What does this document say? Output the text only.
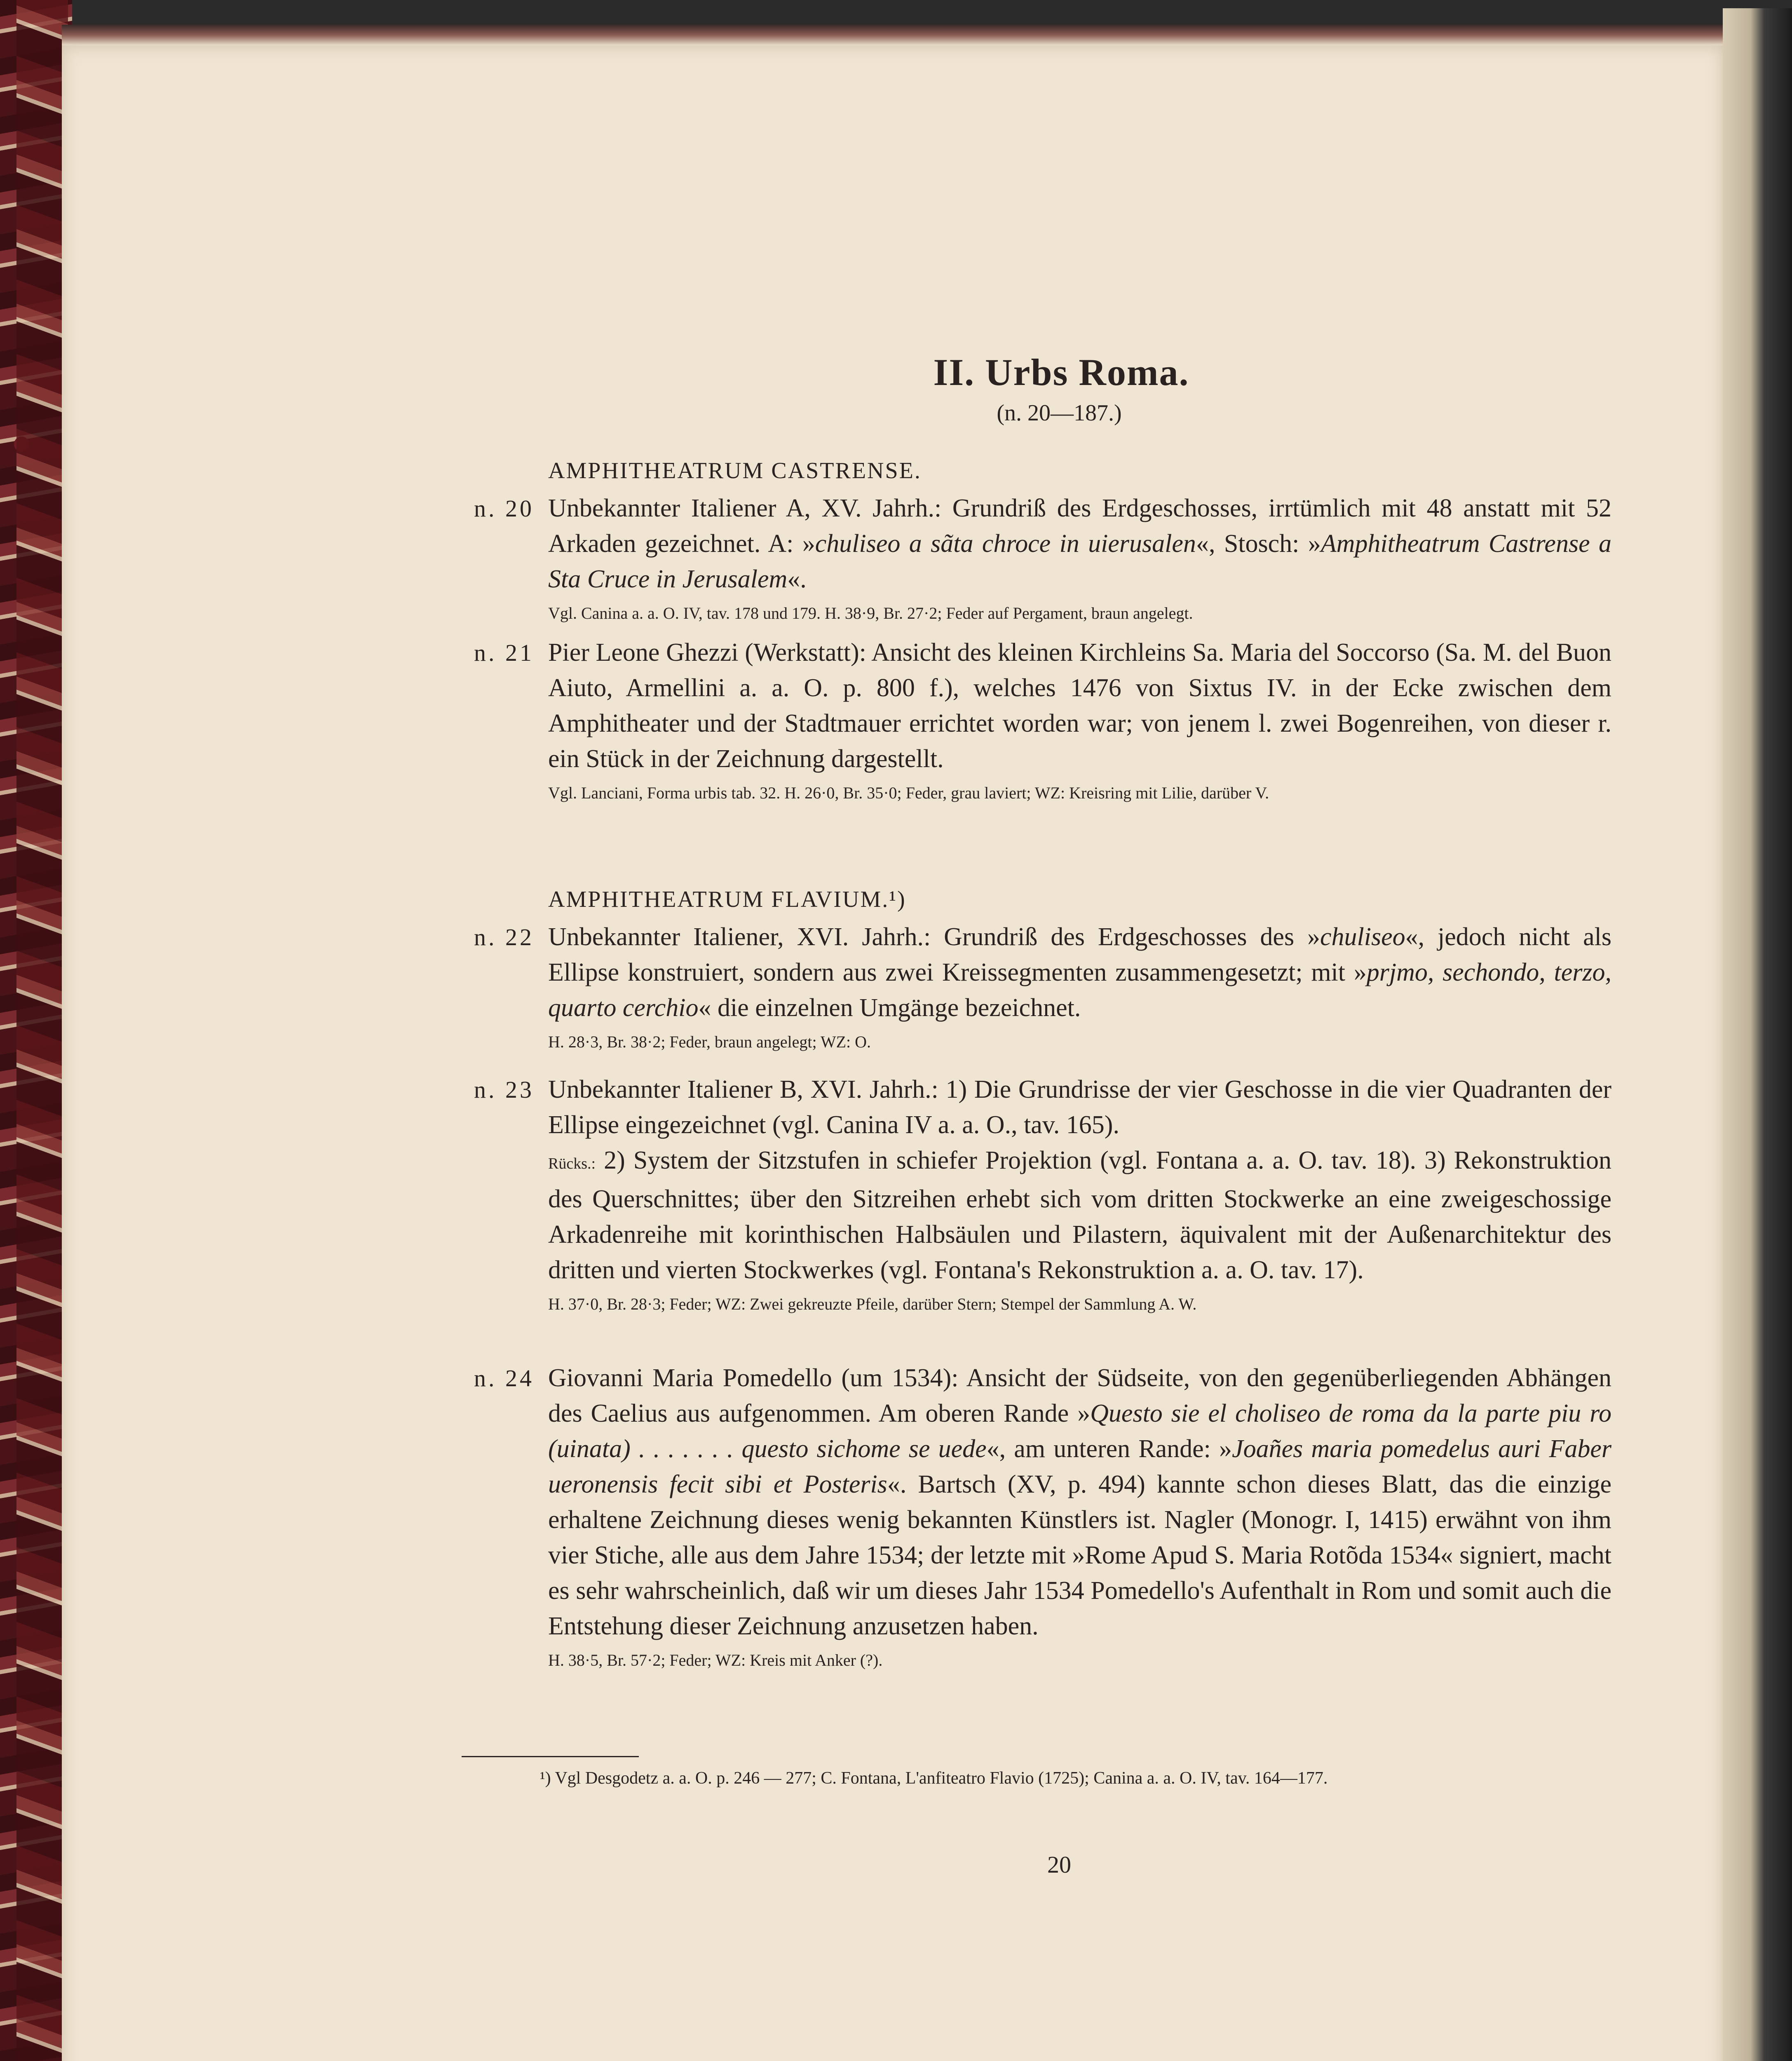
II. Urbs Roma.
(n. 20—187.)
AMPHITHEATRUM CASTRENSE.
n. 20 Unbekannter Italiener A, XV. Jahrh.: Grundriß des Erdgeschosses, irrtümlich mit 48 anstatt mit 52 Arkaden gezeichnet. A: »chuliseo a sãta chroce in uierusalen«, Stosch: »Amphitheatrum Castrense a Sta Cruce in Jerusalem«.
Vgl. Canina a. a. O. IV, tav. 178 und 179. H. 38·9, Br. 27·2; Feder auf Pergament, braun angelegt.
n. 21 Pier Leone Ghezzi (Werkstatt): Ansicht des kleinen Kirchleins Sa. Maria del Soccorso (Sa. M. del Buon Aiuto, Armellini a. a. O. p. 800 f.), welches 1476 von Sixtus IV. in der Ecke zwischen dem Amphitheater und der Stadtmauer errichtet worden war; von jenem l. zwei Bogenreihen, von dieser r. ein Stück in der Zeichnung dargestellt.
Vgl. Lanciani, Forma urbis tab. 32. H. 26·0, Br. 35·0; Feder, grau laviert; WZ: Kreisring mit Lilie, darüber V.
AMPHITHEATRUM FLAVIUM.¹)
n. 22 Unbekannter Italiener, XVI. Jahrh.: Grundriß des Erdgeschosses des »chuliseo«, jedoch nicht als Ellipse konstruiert, sondern aus zwei Kreissegmenten zusammengesetzt; mit »prjmo, sechondo, terzo, quarto cerchio« die einzelnen Umgänge bezeichnet.
H. 28·3, Br. 38·2; Feder, braun angelegt; WZ: O.
n. 23 Unbekannter Italiener B, XVI. Jahrh.: 1) Die Grundrisse der vier Geschosse in die vier Quadranten der Ellipse eingezeichnet (vgl. Canina IV a. a. O., tav. 165).
Rücks.: 2) System der Sitzstufen in schiefer Projektion (vgl. Fontana a. a. O. tav. 18). 3) Rekonstruktion des Querschnittes; über den Sitzreihen erhebt sich vom dritten Stockwerke an eine zweigeschossige Arkadenreihe mit korinthischen Halbsäulen und Pilastern, äquivalent mit der Außenarchitektur des dritten und vierten Stockwerkes (vgl. Fontana's Rekonstruktion a. a. O. tav. 17).
H. 37·0, Br. 28·3; Feder; WZ: Zwei gekreuzte Pfeile, darüber Stern; Stempel der Sammlung A. W.
n. 24 Giovanni Maria Pomedello (um 1534): Ansicht der Südseite, von den gegenüberliegenden Abhängen des Caelius aus aufgenommen. Am oberen Rande »Questo sie el choliseo de roma da la parte piu ro (uinata) . . . . . . . questo sichome se uede«, am unteren Rande: »Joañes maria pomedelus auri Faber ueronensis fecit sibi et Posteris«. Bartsch (XV, p. 494) kannte schon dieses Blatt, das die einzige erhaltene Zeichnung dieses wenig bekannten Künstlers ist. Nagler (Monogr. I, 1415) erwähnt von ihm vier Stiche, alle aus dem Jahre 1534; der letzte mit »Rome Apud S. Maria Rotõda 1534« signiert, macht es sehr wahrscheinlich, daß wir um dieses Jahr 1534 Pomedello's Aufenthalt in Rom und somit auch die Entstehung dieser Zeichnung anzusetzen haben.
H. 38·5, Br. 57·2; Feder; WZ: Kreis mit Anker (?).
¹) Vgl Desgodetz a. a. O. p. 246 — 277; C. Fontana, L'anfiteatro Flavio (1725); Canina a. a. O. IV, tav. 164—177.
20
